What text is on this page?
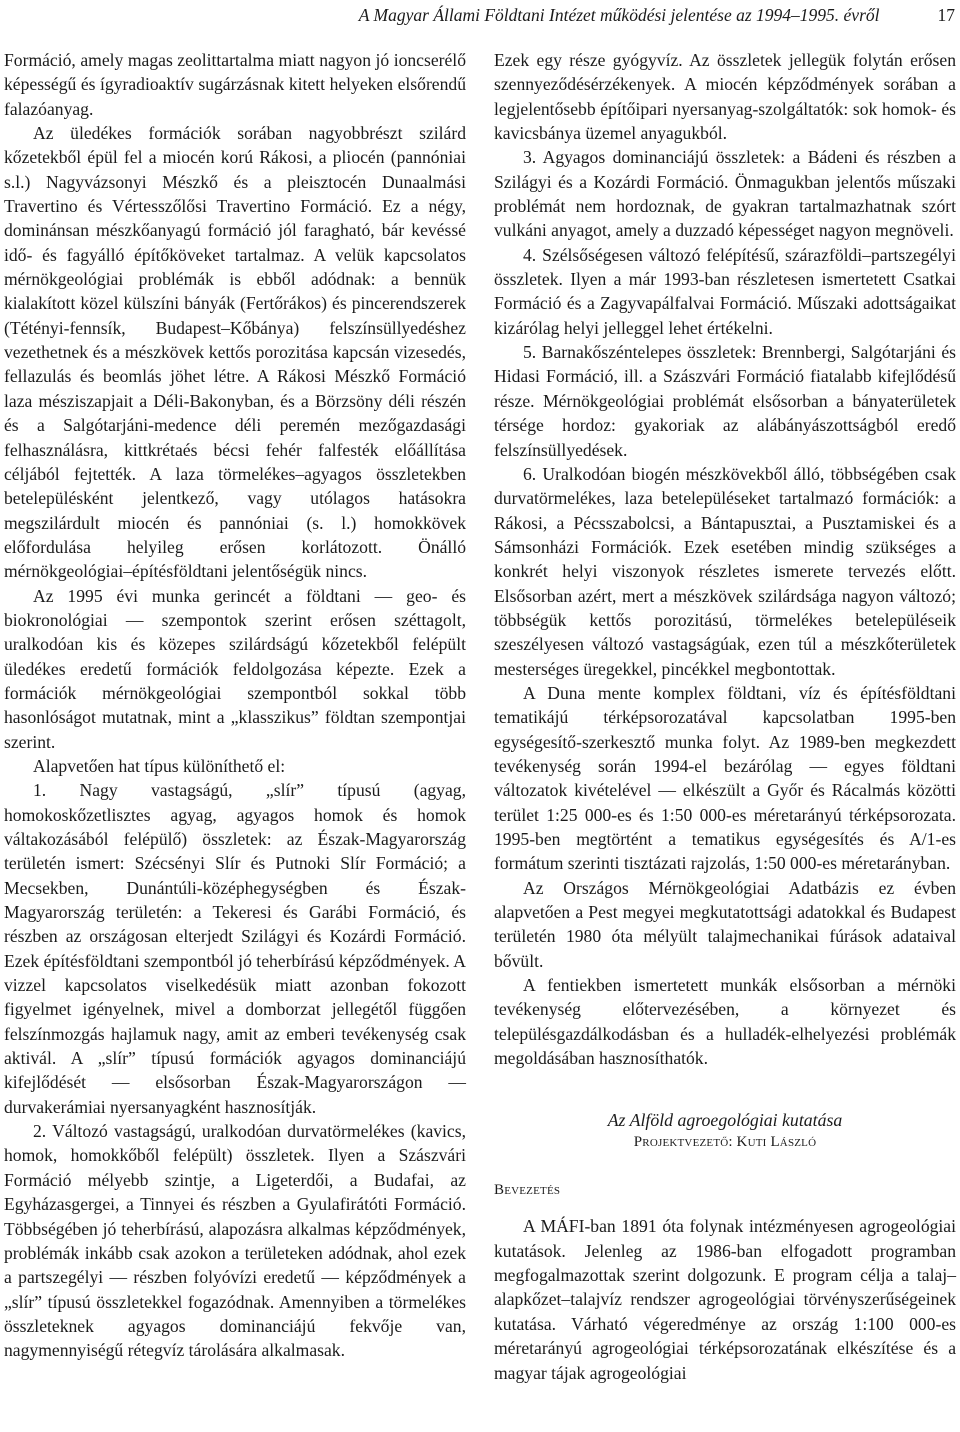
A Magyar Állami Földtani Intézet működési jelentése az 1994–1995. évről	17

Formáció, amely magas zeolittartalma miatt nagyon jó ioncserélő képességű és ígyradioaktív sugárzásnak kitett helyeken elsőrendű falazóanyag.

Az üledékes formációk sorában nagyobbrészt szilárd kőzetekből épül fel a miocén korú Rákosi, a pliocén (pannóniai s.l.) Nagyvázsonyi Mészkő és a pleisztocén Dunaalmási Travertino és Vértesszőlősi Travertino Formáció. Ez a négy, dominánsan mészkőanyagú formáció jól faragható, bár kevéssé idő- és fagyálló építőköveket tartalmaz. A velük kapcsolatos mérnökgeológiai problémák is ebből adódnak: a bennük kialakított közel külszíni bányák (Fertőrákos) és pincerendszerek (Tétényi-fennsík, Budapest–Kőbánya) felszínsüllyedéshez vezethetnek és a mészkövek kettős porozitása kapcsán vizesedés, fellazulás és beomlás jöhet létre. A Rákosi Mészkő Formáció laza mésziszapjait a Déli-Bakonyban, és a Börzsöny déli részén és a Salgótarjáni-medence déli peremén mezőgazdasági felhasználásra, kittkrétaés bécsi fehér falfesték előállítása céljából fejtették. A laza törmelékes–agyagos összletekben betelepülésként jelentkező, vagy utólagos hatásokra megszilárdult miocén és pannóniai (s. l.) homokkövek előfordulása helyileg erősen korlátozott. Önálló mérnökgeológiai–építésföldtani jelentőségük nincs.

Az 1995 évi munka gerincét a földtani — geo- és biokronológiai — szempontok szerint erősen széttagolt, uralkodóan kis és közepes szilárdságú kőzetekből felépült üledékes eredetű formációk feldolgozása képezte. Ezek a formációk mérnökgeológiai szempontból sokkal több hasonlóságot mutatnak, mint a „klasszikus” földtan szempontjai szerint.

Alapvetően hat típus különíthető el:

1. Nagy vastagságú, „slír” típusú (agyag, homokoskőzetlisztes agyag, agyagos homok és homok váltakozásából felépülő) összletek: az Észak-Magyarország területén ismert: Szécsényi Slír és Putnoki Slír Formáció; a Mecsekben, Dunántúli-középhegységben és Észak-Magyarország területén: a Tekeresi és Garábi Formáció, és részben az országosan elterjedt Szilágyi és Kozárdi Formáció. Ezek építésföldtani szempontból jó teherbírású képződmények. A vizzel kapcsolatos viselkedésük miatt azonban fokozott figyelmet igényelnek, mivel a domborzat jellegétől függően felszínmozgás hajlamuk nagy, amit az emberi tevékenység csak aktivál. A „slír” típusú formációk agyagos dominanciájú kifejlődését — elsősorban Észak-Magyarországon — durvakerámiai nyersanyagként hasznosítják.

2. Változó vastagságú, uralkodóan durvatörmelékes (kavics, homok, homokkőből felépült) összletek. Ilyen a Szászvári Formáció mélyebb szintje, a Ligeterdői, a Budafai, az Egyházasgergei, a Tinnyei és részben a Gyulafirátóti Formáció. Többségében jó teherbírású, alapozásra alkalmas képződmények, problémák inkább csak azokon a területeken adódnak, ahol ezek a partszegélyi — részben folyóvízi eredetű — képződmények a „slír” típusú összletekkel fogazódnak. Amennyiben a törmelékes összleteknek agyagos dominanciájú fekvője van, nagymennyiségű rétegvíz tárolására alkalmasak.

Ezek egy része gyógyvíz. Az összletek jellegük folytán erősen szennyeződésérzékenyek. A miocén képződmények sorában a legjelentősebb építőipari nyersanyag-szolgáltatók: sok homok- és kavicsbánya üzemel anyagukból.

3. Agyagos dominanciájú összletek: a Bádeni és részben a Szilágyi és a Kozárdi Formáció. Önmagukban jelentős műszaki problémát nem hordoznak, de gyakran tartalmazhatnak szórt vulkáni anyagot, amely a duzzadó képességet nagyon megnöveli.

4. Szélsőségesen változó felépítésű, szárazföldi–partszegélyi összletek. Ilyen a már 1993-ban részletesen ismertetett Csatkai Formáció és a Zagyvapálfalvai Formáció. Műszaki adottságaikat kizárólag helyi jelleggel lehet értékelni.

5. Barnakőszéntelepes összletek: Brennbergi, Salgótarjáni és Hidasi Formáció, ill. a Szászvári Formáció fiatalabb kifejlődésű része. Mérnökgeológiai problémát elsősorban a bányaterületek térsége hordoz: gyakoriak az alábányászottságból eredő felszínsüllyedések.

6. Uralkodóan biogén mészkövekből álló, többségében csak durvatörmelékes, laza betelepüléseket tartalmazó formációk: a Rákosi, a Pécsszabolcsi, a Bántapusztai, a Pusztamiskei és a Sámsonházi Formációk. Ezek esetében mindig szükséges a konkrét helyi viszonyok részletes ismerete tervezés előtt. Elsősorban azért, mert a mészkövek szilárdsága nagyon változó; többségük kettős porozitású, törmelékes betelepüléseik szeszélyesen változó vastagságúak, ezen túl a mészkőterületek mesterséges üregekkel, pincékkel megbontottak.

A Duna mente komplex földtani, víz és építésföldtani tematikájú térképsorozatával kapcsolatban 1995-ben egységesítő-szerkesztő munka folyt. Az 1989-ben megkezdett tevékenység során 1994-el bezárólag — egyes földtani változatok kivételével — elkészült a Győr és Rácalmás közötti terület 1:25 000-es és 1:50 000-es méretarányú térképsorozata. 1995-ben megtörtént a tematikus egységesítés és A/1-es formátum szerinti tisztázati rajzolás, 1:50 000-es méretarányban.

Az Országos Mérnökgeológiai Adatbázis ez évben alapvetően a Pest megyei megkutatottsági adatokkal és Budapest területén 1980 óta mélyült talajmechanikai fúrások adataival bővült.

A fentiekben ismertetett munkák elsősorban a mérnöki tevékenység előtervezésében, a környezet és településgazdálkodásban és a hulladék-elhelyezési problémák megoldásában hasznosíthatók.

Az Alföld agroegológiai kutatása
Projektvezető: Kuti László
Bevezetés

A MÁFI-ban 1891 óta folynak intézményesen agrogeológiai kutatások. Jelenleg az 1986-ban elfogadott programban megfogalmazottak szerint dolgozunk. E program célja a talaj–alapkőzet–talajvíz rendszer agrogeológiai törvényszerűségeinek kutatása. Várható végeredménye az ország 1:100 000-es méretarányú agrogeológiai térképsorozatának elkészítése és a magyar tájak agrogeológiai
